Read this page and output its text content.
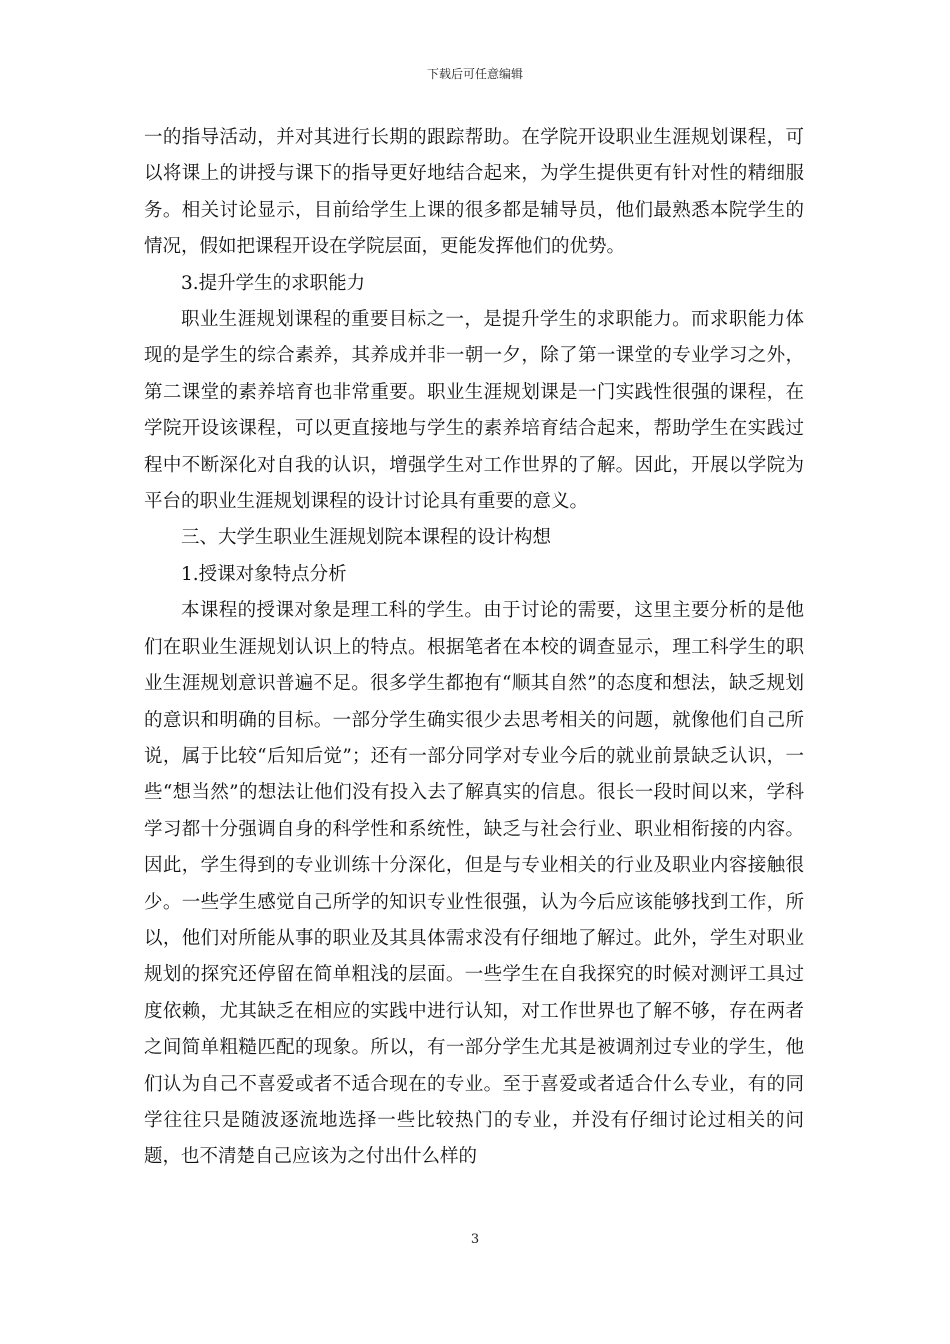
下载后可任意编辑

一的指导活动，并对其进行长期的跟踪帮助。在学院开设职业生涯规划课程，可以将课上的讲授与课下的指导更好地结合起来，为学生提供更有针对性的精细服务。相关讨论显示，目前给学生上课的很多都是辅导员，他们最熟悉本院学生的情况，假如把课程开设在学院层面，更能发挥他们的优势。

3.提升学生的求职能力

职业生涯规划课程的重要目标之一，是提升学生的求职能力。而求职能力体现的是学生的综合素养，其养成并非一朝一夕，除了第一课堂的专业学习之外，第二课堂的素养培育也非常重要。职业生涯规划课是一门实践性很强的课程，在学院开设该课程，可以更直接地与学生的素养培育结合起来，帮助学生在实践过程中不断深化对自我的认识，增强学生对工作世界的了解。因此，开展以学院为平台的职业生涯规划课程的设计讨论具有重要的意义。

三、大学生职业生涯规划院本课程的设计构想

1.授课对象特点分析

本课程的授课对象是理工科的学生。由于讨论的需要，这里主要分析的是他们在职业生涯规划认识上的特点。根据笔者在本校的调查显示，理工科学生的职业生涯规划意识普遍不足。很多学生都抱有“顺其自然”的态度和想法，缺乏规划的意识和明确的目标。一部分学生确实很少去思考相关的问题，就像他们自己所说，属于比较“后知后觉”；还有一部分同学对专业今后的就业前景缺乏认识，一些“想当然”的想法让他们没有投入去了解真实的信息。很长一段时间以来，学科学习都十分强调自身的科学性和系统性，缺乏与社会行业、职业相衔接的内容。因此，学生得到的专业训练十分深化，但是与专业相关的行业及职业内容接触很少。一些学生感觉自己所学的知识专业性很强，认为今后应该能够找到工作，所以，他们对所能从事的职业及其具体需求没有仔细地了解过。此外，学生对职业规划的探究还停留在简单粗浅的层面。一些学生在自我探究的时候对测评工具过度依赖，尤其缺乏在相应的实践中进行认知，对工作世界也了解不够，存在两者之间简单粗糙匹配的现象。所以，有一部分学生尤其是被调剂过专业的学生，他们认为自己不喜爱或者不适合现在的专业。至于喜爱或者适合什么专业，有的同学往往只是随波逐流地选择一些比较热门的专业，并没有仔细讨论过相关的问题，也不清楚自己应该为之付出什么样的

3
